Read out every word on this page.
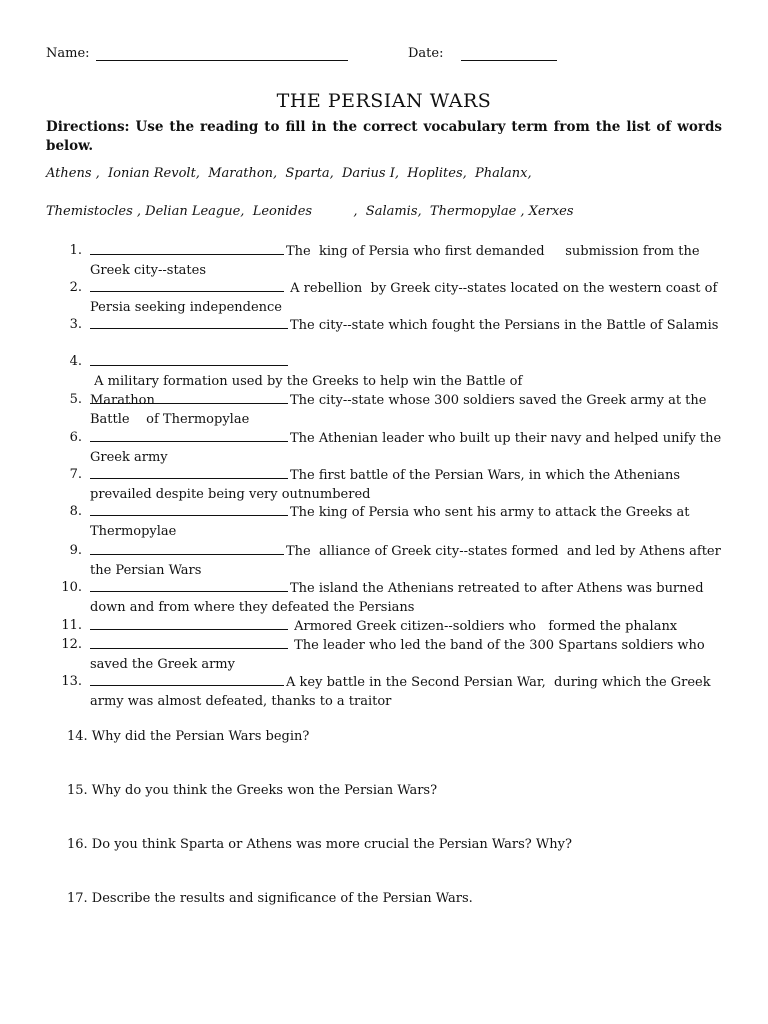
Name:	Date:
THE PERSIAN WARS
Directions: Use the reading to fill in the correct vocabulary term from the list of words below.
Athens ,  Ionian Revolt,  Marathon,  Sparta,  Darius I,  Hoplites,  Phalanx,
Themistocles , Delian League,  Leonides          ,  Salamis,  Thermopylae , Xerxes
1.	The  king of Persia who first demanded     submission from the
Greek city--states
2.	A rebellion  by Greek city--states located on the western coast of
Persia seeking independence
3.	The city--state which fought the Persians in the Battle of Salamis
4.
A military formation used by the Greeks to help win the Battle of
Marathon
5.	The city--state whose 300 soldiers saved the Greek army at the
Battle    of Thermopylae
6.	The Athenian leader who built up their navy and helped unify the
Greek army
7.	The first battle of the Persian Wars, in which the Athenians
prevailed despite being very outnumbered
8.	The king of Persia who sent his army to attack the Greeks at
Thermopylae
9.	The  alliance of Greek city--states formed  and led by Athens after
the Persian Wars
10.	The island the Athenians retreated to after Athens was burned
down and from where they defeated the Persians
11.	Armored Greek citizen--soldiers who   formed the phalanx
12.	The leader who led the band of the 300 Spartans soldiers who
saved the Greek army
13.	A key battle in the Second Persian War,  during which the Greek
army was almost defeated, thanks to a traitor
14. Why did the Persian Wars begin?
15. Why do you think the Greeks won the Persian Wars?
16. Do you think Sparta or Athens was more crucial the Persian Wars? Why?
17. Describe the results and significance of the Persian Wars.
